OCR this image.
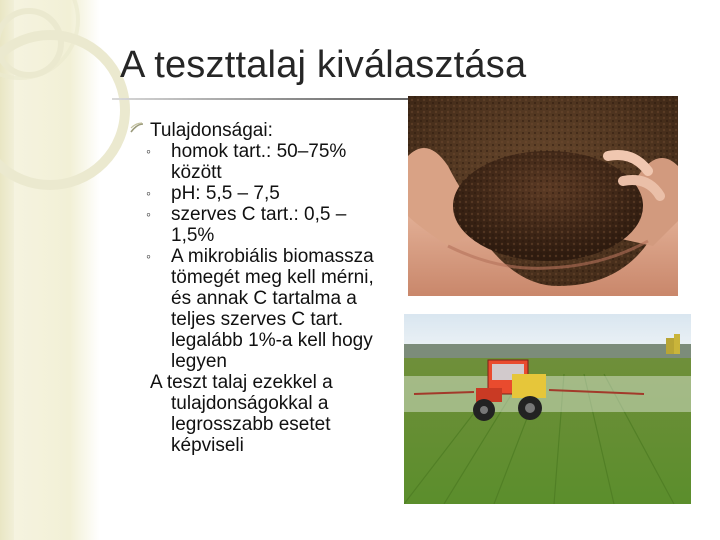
A teszttalaj kiválasztása
Tulajdonságai:
◦ homok tart.: 50–75% között
◦ pH: 5,5 – 7,5
◦ szerves C tart.: 0,5 – 1,5%
◦ A mikrobiális biomassza tömegét meg kell mérni, és annak C tartalma a teljes szerves C tart. legalább 1%-a kell hogy legyen
A teszt talaj ezekkel a tulajdonságokkal a legrosszabb esetet képviseli
